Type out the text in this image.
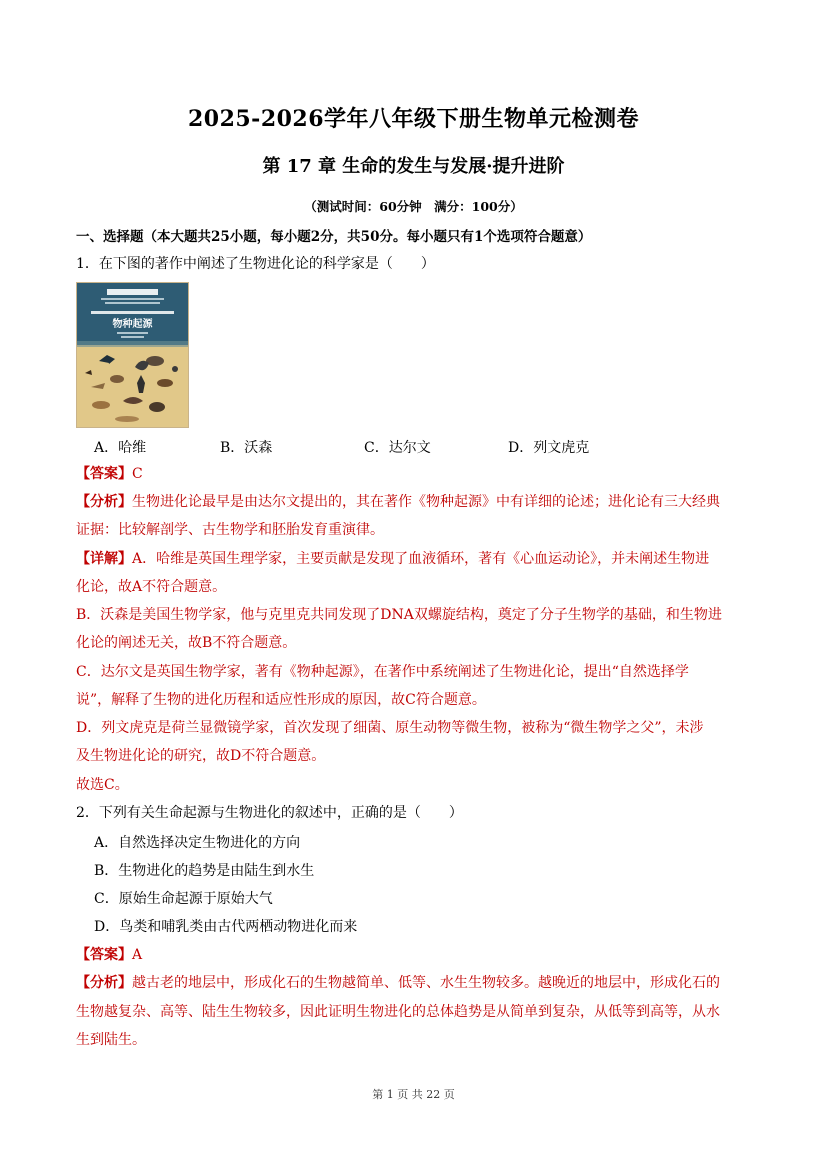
2025-2026学年八年级下册生物单元检测卷
第 17 章 生命的发生与发展·提升进阶
（测试时间：60分钟　满分：100分）
一、选择题（本大题共25小题，每小题2分，共50分。每小题只有1个选项符合题意）
1．在下图的著作中阐述了生物进化论的科学家是（　　）
物种起源
A．哈维	B．沃森	C．达尔文	D．列文虎克
【答案】C
【分析】生物进化论最早是由达尔文提出的，其在著作《物种起源》中有详细的论述；进化论有三大经典
证据：比较解剖学、古生物学和胚胎发育重演律。
【详解】A．哈维是英国生理学家，主要贡献是发现了血液循环，著有《心血运动论》，并未阐述生物进
化论，故A不符合题意。
B．沃森是美国生物学家，他与克里克共同发现了DNA双螺旋结构，奠定了分子生物学的基础，和生物进
化论的阐述无关，故B不符合题意。
C．达尔文是英国生物学家，著有《物种起源》，在著作中系统阐述了生物进化论，提出“自然选择学
说”，解释了生物的进化历程和适应性形成的原因，故C符合题意。
D．列文虎克是荷兰显微镜学家，首次发现了细菌、原生动物等微生物，被称为“微生物学之父”，未涉
及生物进化论的研究，故D不符合题意。
故选C。
2．下列有关生命起源与生物进化的叙述中，正确的是（　　）
A．自然选择决定生物进化的方向
B．生物进化的趋势是由陆生到水生
C．原始生命起源于原始大气
D．鸟类和哺乳类由古代两栖动物进化而来
【答案】A
【分析】越古老的地层中，形成化石的生物越简单、低等、水生生物较多。越晚近的地层中，形成化石的
生物越复杂、高等、陆生生物较多，因此证明生物进化的总体趋势是从简单到复杂，从低等到高等，从水
生到陆生。
第 1 页 共 22 页
